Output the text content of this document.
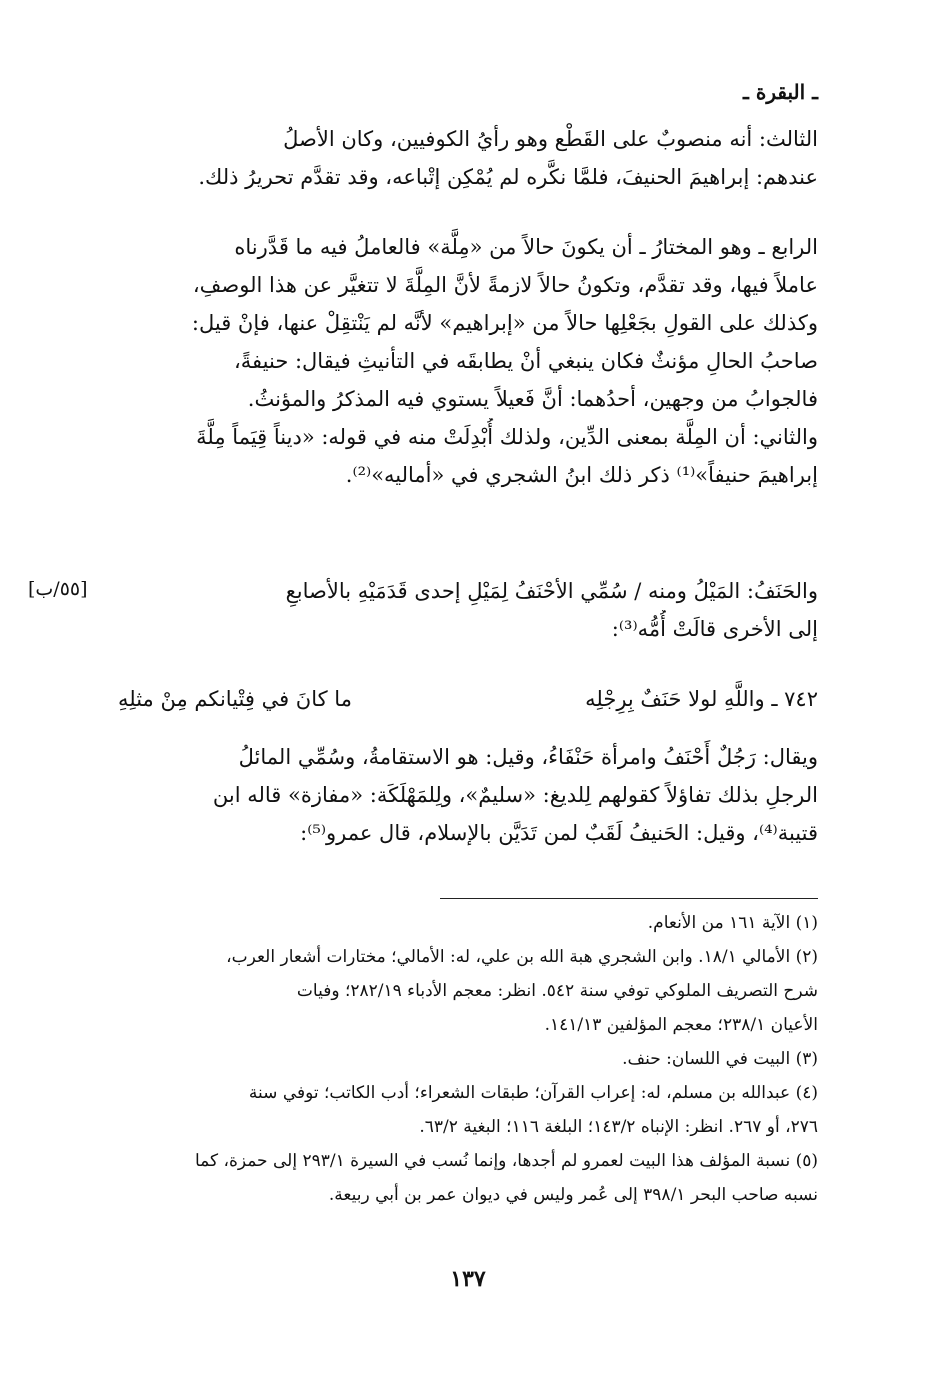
ـ البقرة ـ
الثالث: أنه منصوبٌ على القَطْع وهو رأيُ الكوفيين، وكان الأصلُ
عندهم: إبراهيمَ الحنيفَ، فلمَّا نكَّره لم يُمْكِن إتْباعه، وقد تقدَّم تحريرُ ذلك.
الرابع ـ وهو المختارُ ـ أن يكونَ حالاً من «مِلَّة» فالعاملُ فيه ما قَدَّرناه
عاملاً فيها، وقد تقدَّم، وتكونُ حالاً لازمةً لأنَّ المِلَّةَ لا تتغيَّر عن هذا الوصفِ،
وكذلك على القولِ بجَعْلِها حالاً من «إبراهيم» لأنَّه لم يَنْتقِلْ عنها، فإنْ قيل:
صاحبُ الحالِ مؤنثٌ فكان ينبغي أنْ يطابقَه في التأنيثِ فيقال: حنيفةً،
فالجوابُ من وجهين، أحدُهما: أنَّ فَعيلاً يستوي فيه المذكرُ والمؤنثُ.
والثاني: أن المِلَّة بمعنى الدِّين، ولذلك أُبْدِلَتْ منه في قوله: «ديناً قِيَماً مِلَّةَ
إبراهيمَ حنيفاً»⁽¹⁾ ذكر ذلك ابنُ الشجري في «أماليه»⁽²⁾.
[٥٥/ب]	والحَنَفُ: المَيْلُ ومنه / سُمِّي الأحْنَفُ لِمَيْلِ إحدى قَدَمَيْهِ بالأصابعِ
إلى الأخرى قالَتْ أُمُّه⁽³⁾:
٧٤٢ ـ واللَّهِ لولا حَنَفٌ بِرِجْلِه
ما كانَ في فِتْيانكم مِنْ مثلِهِ
ويقال: رَجُلٌ أَحْنَفُ وامرأة حَنْفَاءُ، وقيل: هو الاستقامةُ، وسُمِّي المائلُ
الرجلِ بذلك تفاؤلاً كقولهم لِلديغ: «سليمٌ»، ولِلمَهْلَكَة: «مفازة» قاله ابن
قتيبة⁽⁴⁾، وقيل: الحَنيفُ لَقَبٌ لمن تَدَيَّن بالإسلام، قال عمرو⁽⁵⁾:
(١) الآية ١٦١ من الأنعام.
(٢) الأمالي ١٨/١. وابن الشجري هبة الله بن علي، له: الأمالي؛ مختارات أشعار العرب،
شرح التصريف الملوكي توفي سنة ٥٤٢. انظر: معجم الأدباء ٢٨٢/١٩؛ وفيات
الأعيان ٢٣٨/١؛ معجم المؤلفين ١٤١/١٣.
(٣) البيت في اللسان: حنف.
(٤) عبدالله بن مسلم، له: إعراب القرآن؛ طبقات الشعراء؛ أدب الكاتب؛ توفي سنة
٢٧٦، أو ٢٦٧. انظر: الإنباه ١٤٣/٢؛ البلغة ١١٦؛ البغية ٦٣/٢.
(٥) نسبة المؤلف هذا البيت لعمرو لم أجدها، وإنما نُسب في السيرة ٢٩٣/١ إلى حمزة، كما
نسبه صاحب البحر ٣٩٨/١ إلى عُمر وليس في ديوان عمر بن أبي ربيعة.
١٣٧
